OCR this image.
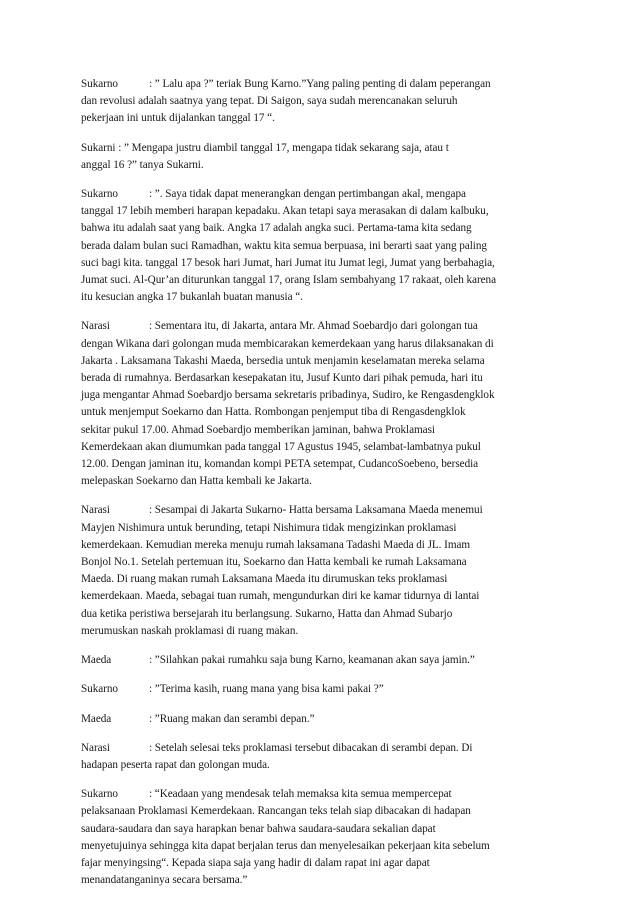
Sukarno	: ” Lalu apa ?” teriak Bung Karno.”Yang paling penting di dalam peperangan
dan revolusi adalah saatnya yang tepat. Di Saigon, saya sudah merencanakan seluruh
pekerjaan ini untuk dijalankan tanggal 17 “.
Sukarni : ” Mengapa justru diambil tanggal 17, mengapa tidak sekarang saja, atau t
anggal 16 ?” tanya Sukarni.
Sukarno	: ”. Saya tidak dapat menerangkan dengan pertimbangan akal, mengapa
tanggal 17 lebih memberi harapan kepadaku. Akan tetapi saya merasakan di dalam kalbuku,
bahwa itu adalah saat yang baik. Angka 17 adalah angka suci. Pertama-tama kita sedang
berada dalam bulan suci Ramadhan, waktu kita semua berpuasa, ini berarti saat yang paling
suci bagi kita. tanggal 17 besok hari Jumat, hari Jumat itu Jumat legi, Jumat yang berbahagia,
Jumat suci. Al-Qur’an diturunkan tanggal 17, orang Islam sembahyang 17 rakaat, oleh karena
itu kesucian angka 17 bukanlah buatan manusia “.
Narasi	: Sementara itu, di Jakarta, antara Mr. Ahmad Soebardjo dari golongan tua
dengan Wikana dari golongan muda membicarakan kemerdekaan yang harus dilaksanakan di
Jakarta . Laksamana Takashi Maeda, bersedia untuk menjamin keselamatan mereka selama
berada di rumahnya. Berdasarkan kesepakatan itu, Jusuf Kunto dari pihak pemuda, hari itu
juga mengantar Ahmad Soebardjo bersama sekretaris pribadinya, Sudiro, ke Rengasdengklok
untuk menjemput Soekarno dan Hatta. Rombongan penjemput tiba di Rengasdengklok
sekitar pukul 17.00. Ahmad Soebardjo memberikan jaminan, bahwa Proklamasi
Kemerdekaan akan diumumkan pada tanggal 17 Agustus 1945, selambat-lambatnya pukul
12.00. Dengan jaminan itu, komandan kompi PETA setempat, CudancoSoebeno, bersedia
melepaskan Soekarno dan Hatta kembali ke Jakarta.
Narasi	: Sesampai di Jakarta Sukarno- Hatta bersama Laksamana Maeda menemui
Mayjen Nishimura untuk berunding, tetapi Nishimura tidak mengizinkan proklamasi
kemerdekaan. Kemudian mereka menuju rumah laksamana Tadashi Maeda di JL. Imam
Bonjol No.1. Setelah pertemuan itu, Soekarno dan Hatta kembali ke rumah Laksamana
Maeda. Di ruang makan rumah Laksamana Maeda itu dirumuskan teks proklamasi
kemerdekaan. Maeda, sebagai tuan rumah, mengundurkan diri ke kamar tidurnya di lantai
dua ketika peristiwa bersejarah itu berlangsung. Sukarno, Hatta dan Ahmad Subarjo
merumuskan naskah proklamasi di ruang makan.
Maeda	: ”Silahkan pakai rumahku saja bung Karno, keamanan akan saya jamin.”
Sukarno	: ”Terima kasih, ruang mana yang bisa kami pakai ?”
Maeda	: ”Ruang makan dan serambi depan.”
Narasi	: Setelah selesai teks proklamasi tersebut dibacakan di serambi depan. Di
hadapan peserta rapat dan golongan muda.
Sukarno	: “Keadaan yang mendesak telah memaksa kita semua mempercepat
pelaksanaan Proklamasi Kemerdekaan. Rancangan teks telah siap dibacakan di hadapan
saudara-saudara dan saya harapkan benar bahwa saudara-saudara sekalian dapat
menyetujuinya sehingga kita dapat berjalan terus dan menyelesaikan pekerjaan kita sebelum
fajar menyingsing“. Kepada siapa saja yang hadir di dalam rapat ini agar dapat
menandatanganinya secara bersama.”
